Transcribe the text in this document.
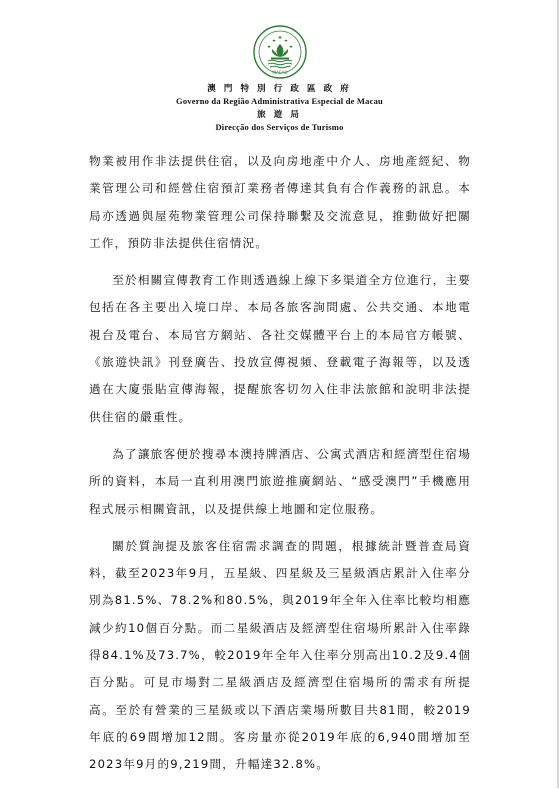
MACAU
澳 門 特 別 行 政 區 政 府
Governo da Região Administrativa Especial de Macau
旅 遊 局
Direcção dos Serviços de Turismo

物業被用作非法提供住宿，以及向房地產中介人、房地產經紀、物業管理公司和經營住宿預訂業務者傳達其負有合作義務的訊息。本局亦透過與屋苑物業管理公司保持聯繫及交流意見，推動做好把關工作，預防非法提供住宿情況。

至於相關宣傳教育工作則透過線上線下多渠道全方位進行，主要包括在各主要出入境口岸、本局各旅客詢問處、公共交通、本地電視台及電台、本局官方網站、各社交媒體平台上的本局官方帳號、《旅遊快訊》刊登廣告、投放宣傳視頻、登載電子海報等，以及透過在大廈張貼宣傳海報，提醒旅客切勿入住非法旅館和說明非法提供住宿的嚴重性。

為了讓旅客便於搜尋本澳持牌酒店、公寓式酒店和經濟型住宿場所的資料，本局一直利用澳門旅遊推廣網站、“感受澳門”手機應用程式展示相關資訊，以及提供線上地圖和定位服務。

關於質詢提及旅客住宿需求調查的問題，根據統計暨普查局資料，截至2023年9月，五星級、四星級及三星級酒店累計入住率分別為81.5%、78.2%和80.5%，與2019年全年入住率比較均相應減少約10個百分點。而二星級酒店及經濟型住宿場所累計入住率錄得84.1%及73.7%，較2019年全年入住率分別高出10.2及9.4個百分點。可見市場對二星級酒店及經濟型住宿場所的需求有所提高。至於有營業的三星級或以下酒店業場所數目共81間，較2019年底的69間增加12間。客房量亦從2019年底的6,940間增加至2023年9月的9,219間，升幅達32.8%。
